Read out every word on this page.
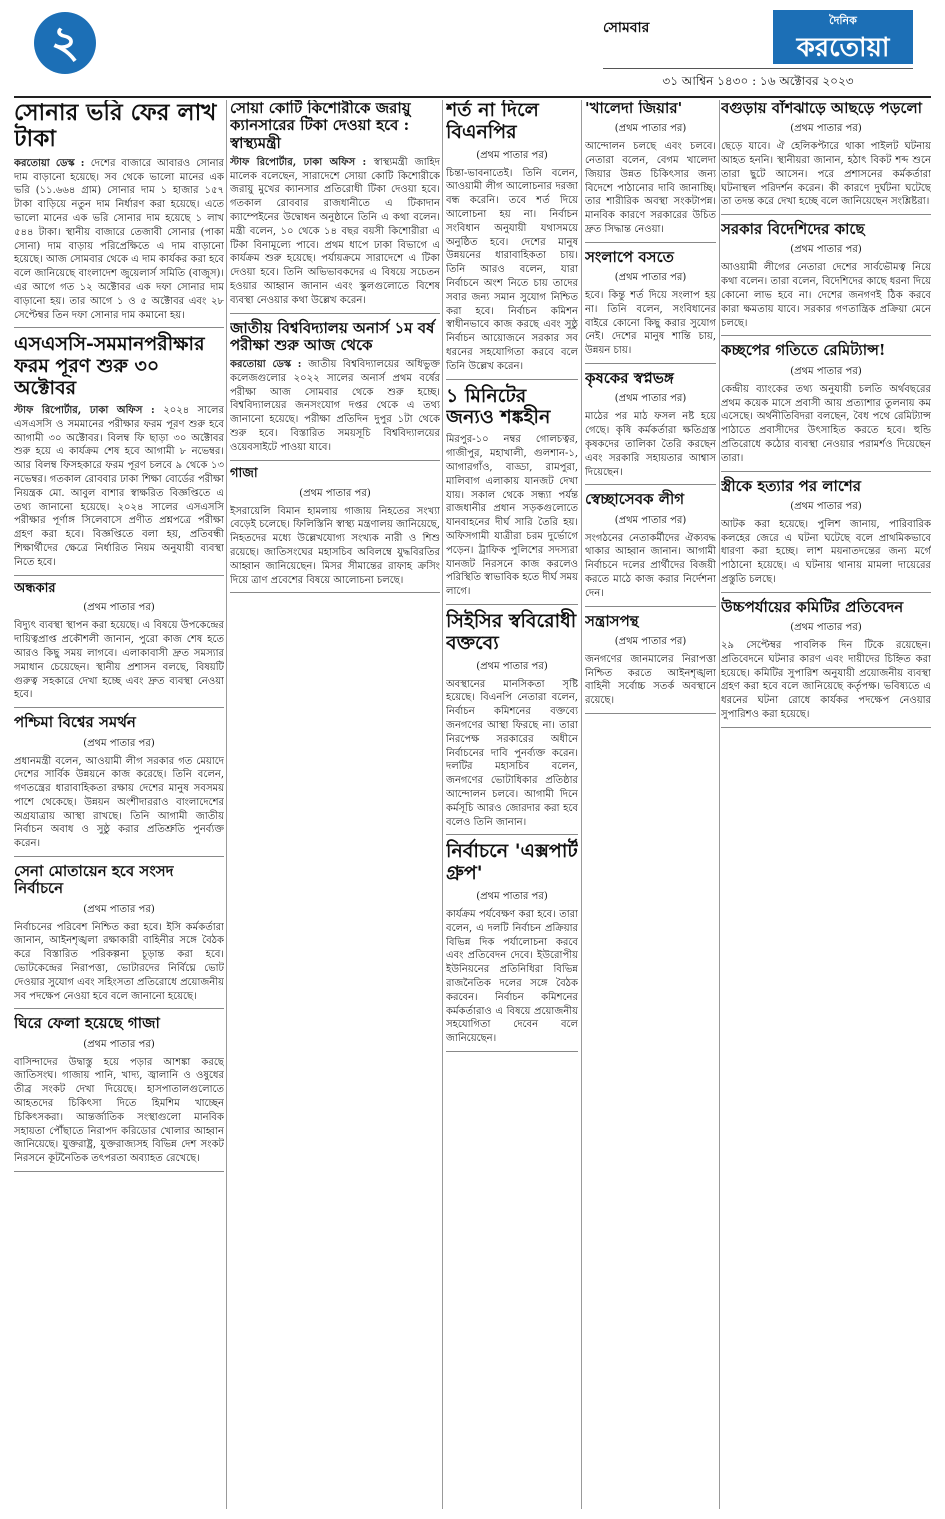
২	সোমবার	দৈনিক
করতোয়া
৩১ আশ্বিন ১৪৩০ : ১৬ অক্টোবর ২০২৩
সোনার ভরি ফের লাখ টাকা

করতোয়া ডেস্ক : দেশের বাজারে আবারও সোনার দাম বাড়ানো হয়েছে। সব থেকে ভালো মানের এক ভরি (১১.৬৬৪ গ্রাম) সোনার দাম ১ হাজার ১৫৭ টাকা বাড়িয়ে নতুন দাম নির্ধারণ করা হয়েছে। এতে ভালো মানের এক ভরি সোনার দাম হয়েছে ১ লাখ ৫৪৪ টাকা। স্থানীয় বাজারে তেজাবী সোনার (পাকা সোনা) দাম বাড়ায় পরিপ্রেক্ষিতে এ দাম বাড়ানো হয়েছে। আজ সোমবার থেকে এ দাম কার্যকর করা হবে বলে জানিয়েছে বাংলাদেশ জুয়েলার্স সমিতি (বাজুস)। এর আগে গত ১২ অক্টোবর এক দফা সোনার দাম বাড়ানো হয়। তার আগে ১ ও ৫ অক্টোবর এবং ২৮ সেপ্টেম্বর তিন দফা সোনার দাম কমানো হয়।

এসএসসি-সমমানপরীক্ষার ফরম পূরণ শুরু ৩০ অক্টোবর

স্টাফ রিপোর্টার, ঢাকা অফিস : ২০২৪ সালের এসএসসি ও সমমানের পরীক্ষার ফরম পূরণ শুরু হবে আগামী ৩০ অক্টোবর। বিলম্ব ফি ছাড়া ৩০ অক্টোবর শুরু হয়ে এ কার্যক্রম শেষ হবে আগামী ৮ নভেম্বর। আর বিলম্ব ফিসহকারে ফরম পূরণ চলবে ৯ থেকে ১৩ নভেম্বর। গতকাল রোববার ঢাকা শিক্ষা বোর্ডের পরীক্ষা নিয়ন্ত্রক মো. আবুল বাশার স্বাক্ষরিত বিজ্ঞপ্তিতে এ তথ্য জানানো হয়েছে। ২০২৪ সালের এসএসসি পরীক্ষার পূর্ণাঙ্গ সিলেবাসে প্রণীত প্রশ্নপত্রে পরীক্ষা গ্রহণ করা হবে। বিজ্ঞপ্তিতে বলা হয়, প্রতিবন্ধী শিক্ষার্থীদের ক্ষেত্রে নির্ধারিত নিয়ম অনুযায়ী ব্যবস্থা নিতে হবে।

অন্ধকার
(প্রথম পাতার পর)

বিদ্যুৎ ব্যবস্থা স্থাপন করা হয়েছে। এ বিষয়ে উপকেন্দ্রের দায়িত্বপ্রাপ্ত প্রকৌশলী জানান, পুরো কাজ শেষ হতে আরও কিছু সময় লাগবে। এলাকাবাসী দ্রুত সমস্যার সমাধান চেয়েছেন। স্থানীয় প্রশাসন বলছে, বিষয়টি গুরুত্ব সহকারে দেখা হচ্ছে এবং দ্রুত ব্যবস্থা নেওয়া হবে।

পশ্চিমা বিশ্বের সমর্থন
(প্রথম পাতার পর)

প্রধানমন্ত্রী বলেন, আওয়ামী লীগ সরকার গত মেয়াদে দেশের সার্বিক উন্নয়নে কাজ করেছে। তিনি বলেন, গণতন্ত্রের ধারাবাহিকতা রক্ষায় দেশের মানুষ সবসময় পাশে থেকেছে। উন্নয়ন অংশীদাররাও বাংলাদেশের অগ্রযাত্রায় আস্থা রাখছে। তিনি আগামী জাতীয় নির্বাচন অবাধ ও সুষ্ঠু করার প্রতিশ্রুতি পুনর্ব্যক্ত করেন।

সেনা মোতায়েন হবে সংসদ নির্বাচনে
(প্রথম পাতার পর)

নির্বাচনের পরিবেশ নিশ্চিত করা হবে। ইসি কর্মকর্তারা জানান, আইনশৃঙ্খলা রক্ষাকারী বাহিনীর সঙ্গে বৈঠক করে বিস্তারিত পরিকল্পনা চূড়ান্ত করা হবে। ভোটকেন্দ্রের নিরাপত্তা, ভোটারদের নির্বিঘ্নে ভোট দেওয়ার সুযোগ এবং সহিংসতা প্রতিরোধে প্রয়োজনীয় সব পদক্ষেপ নেওয়া হবে বলে জানানো হয়েছে।

ঘিরে ফেলা হয়েছে গাজা
(প্রথম পাতার পর)

বাসিন্দাদের উদ্বাস্তু হয়ে পড়ার আশঙ্কা করছে জাতিসংঘ। গাজায় পানি, খাদ্য, জ্বালানি ও ওষুধের তীব্র সংকট দেখা দিয়েছে। হাসপাতালগুলোতে আহতদের চিকিৎসা দিতে হিমশিম খাচ্ছেন চিকিৎসকরা। আন্তর্জাতিক সংস্থাগুলো মানবিক সহায়তা পৌঁছাতে নিরাপদ করিডোর খোলার আহ্বান জানিয়েছে। যুক্তরাষ্ট্র, যুক্তরাজ্যসহ বিভিন্ন দেশ সংকট নিরসনে কূটনৈতিক তৎপরতা অব্যাহত রেখেছে।

সোয়া কোটি কিশোরীকে জরায়ু ক্যানসারের টিকা দেওয়া হবে : স্বাস্থ্যমন্ত্রী

স্টাফ রিপোর্টার, ঢাকা অফিস : স্বাস্থ্যমন্ত্রী জাহিদ মালেক বলেছেন, সারাদেশে সোয়া কোটি কিশোরীকে জরায়ু মুখের ক্যানসার প্রতিরোধী টিকা দেওয়া হবে। গতকাল রোববার রাজধানীতে এ টিকাদান ক্যাম্পেইনের উদ্বোধন অনুষ্ঠানে তিনি এ কথা বলেন। মন্ত্রী বলেন, ১০ থেকে ১৪ বছর বয়সী কিশোরীরা এ টিকা বিনামূল্যে পাবে। প্রথম ধাপে ঢাকা বিভাগে এ কার্যক্রম শুরু হয়েছে। পর্যায়ক্রমে সারাদেশে এ টিকা দেওয়া হবে। তিনি অভিভাবকদের এ বিষয়ে সচেতন হওয়ার আহ্বান জানান এবং স্কুলগুলোতে বিশেষ ব্যবস্থা নেওয়ার কথা উল্লেখ করেন।

জাতীয় বিশ্ববিদ্যালয় অনার্স ১ম বর্ষ পরীক্ষা শুরু আজ থেকে

করতোয়া ডেস্ক : জাতীয় বিশ্ববিদ্যালয়ের অধিভুক্ত কলেজগুলোর ২০২২ সালের অনার্স প্রথম বর্ষের পরীক্ষা আজ সোমবার থেকে শুরু হচ্ছে। বিশ্ববিদ্যালয়ের জনসংযোগ দপ্তর থেকে এ তথ্য জানানো হয়েছে। পরীক্ষা প্রতিদিন দুপুর ১টা থেকে শুরু হবে। বিস্তারিত সময়সূচি বিশ্ববিদ্যালয়ের ওয়েবসাইটে পাওয়া যাবে।

গাজা
(প্রথম পাতার পর)

ইসরায়েলি বিমান হামলায় গাজায় নিহতের সংখ্যা বেড়েই চলেছে। ফিলিস্তিনি স্বাস্থ্য মন্ত্রণালয় জানিয়েছে, নিহতদের মধ্যে উল্লেখযোগ্য সংখ্যক নারী ও শিশু রয়েছে। জাতিসংঘের মহাসচিব অবিলম্বে যুদ্ধবিরতির আহ্বান জানিয়েছেন। মিসর সীমান্তের রাফাহ ক্রসিং দিয়ে ত্রাণ প্রবেশের বিষয়ে আলোচনা চলছে।

শর্ত না দিলে বিএনপির
(প্রথম পাতার পর)

চিন্তা-ভাবনাতেই। তিনি বলেন, আওয়ামী লীগ আলোচনার দরজা বন্ধ করেনি। তবে শর্ত দিয়ে আলোচনা হয় না। নির্বাচন সংবিধান অনুযায়ী যথাসময়ে অনুষ্ঠিত হবে। দেশের মানুষ উন্নয়নের ধারাবাহিকতা চায়। তিনি আরও বলেন, যারা নির্বাচনে অংশ নিতে চায় তাদের সবার জন্য সমান সুযোগ নিশ্চিত করা হবে। নির্বাচন কমিশন স্বাধীনভাবে কাজ করছে এবং সুষ্ঠু নির্বাচন আয়োজনে সরকার সব ধরনের সহযোগিতা করবে বলে তিনি উল্লেখ করেন।

১ মিনিটের জন্যও শঙ্কহীন

মিরপুর-১০ নম্বর গোলচত্বর, গাজীপুর, মহাখালী, গুলশান-১, আগারগাঁও, বাড্ডা, রামপুরা, মালিবাগ এলাকায় যানজট দেখা যায়। সকাল থেকে সন্ধ্যা পর্যন্ত রাজধানীর প্রধান সড়কগুলোতে যানবাহনের দীর্ঘ সারি তৈরি হয়। অফিসগামী যাত্রীরা চরম দুর্ভোগে পড়েন। ট্রাফিক পুলিশের সদস্যরা যানজট নিরসনে কাজ করলেও পরিস্থিতি স্বাভাবিক হতে দীর্ঘ সময় লাগে।

সিইসির স্ববিরোধী বক্তব্যে
(প্রথম পাতার পর)

অবস্থানের মানসিকতা সৃষ্টি হয়েছে। বিএনপি নেতারা বলেন, নির্বাচন কমিশনের বক্তব্যে জনগণের আস্থা ফিরছে না। তারা নিরপেক্ষ সরকারের অধীনে নির্বাচনের দাবি পুনর্ব্যক্ত করেন। দলটির মহাসচিব বলেন, জনগণের ভোটাধিকার প্রতিষ্ঠার আন্দোলন চলবে। আগামী দিনে কর্মসূচি আরও জোরদার করা হবে বলেও তিনি জানান।

নির্বাচনে 'এক্সপার্ট গ্রুপ'
(প্রথম পাতার পর)

কার্যক্রম পর্যবেক্ষণ করা হবে। তারা বলেন, এ দলটি নির্বাচন প্রক্রিয়ার বিভিন্ন দিক পর্যালোচনা করবে এবং প্রতিবেদন দেবে। ইউরোপীয় ইউনিয়নের প্রতিনিধিরা বিভিন্ন রাজনৈতিক দলের সঙ্গে বৈঠক করবেন। নির্বাচন কমিশনের কর্মকর্তারাও এ বিষয়ে প্রয়োজনীয় সহযোগিতা দেবেন বলে জানিয়েছেন।

'খালেদা জিয়ার'
(প্রথম পাতার পর)

আন্দোলন চলছে এবং চলবে। নেতারা বলেন, বেগম খালেদা জিয়ার উন্নত চিকিৎসার জন্য বিদেশে পাঠানোর দাবি জানাচ্ছি। তার শারীরিক অবস্থা সংকটাপন্ন। মানবিক কারণে সরকারের উচিত দ্রুত সিদ্ধান্ত নেওয়া।

সংলাপে বসতে
(প্রথম পাতার পর)

হবে। কিন্তু শর্ত দিয়ে সংলাপ হয় না। তিনি বলেন, সংবিধানের বাইরে কোনো কিছু করার সুযোগ নেই। দেশের মানুষ শান্তি চায়, উন্নয়ন চায়।

কৃষকের স্বপ্নভঙ্গ
(প্রথম পাতার পর)

মাঠের পর মাঠ ফসল নষ্ট হয়ে গেছে। কৃষি কর্মকর্তারা ক্ষতিগ্রস্ত কৃষকদের তালিকা তৈরি করছেন এবং সরকারি সহায়তার আশ্বাস দিয়েছেন।

স্বেচ্ছাসেবক লীগ
(প্রথম পাতার পর)

সংগঠনের নেতাকর্মীদের ঐক্যবদ্ধ থাকার আহ্বান জানান। আগামী নির্বাচনে দলের প্রার্থীদের বিজয়ী করতে মাঠে কাজ করার নির্দেশনা দেন।

সন্ত্রাসপন্থ
(প্রথম পাতার পর)

জনগণের জানমালের নিরাপত্তা নিশ্চিত করতে আইনশৃঙ্খলা বাহিনী সর্বোচ্চ সতর্ক অবস্থানে রয়েছে।

বগুড়ায় বাঁশঝাড়ে আছড়ে পড়লো
(প্রথম পাতার পর)

ছেড়ে যাবে। ঐ হেলিকপ্টারে থাকা পাইলট ঘটনায় আহত হননি। স্থানীয়রা জানান, হঠাৎ বিকট শব্দ শুনে তারা ছুটে আসেন। পরে প্রশাসনের কর্মকর্তারা ঘটনাস্থল পরিদর্শন করেন। কী কারণে দুর্ঘটনা ঘটেছে তা তদন্ত করে দেখা হচ্ছে বলে জানিয়েছেন সংশ্লিষ্টরা।

সরকার বিদেশিদের কাছে
(প্রথম পাতার পর)

আওয়ামী লীগের নেতারা দেশের সার্বভৌমত্ব নিয়ে কথা বলেন। তারা বলেন, বিদেশিদের কাছে ধরনা দিয়ে কোনো লাভ হবে না। দেশের জনগণই ঠিক করবে কারা ক্ষমতায় যাবে। সরকার গণতান্ত্রিক প্রক্রিয়া মেনে চলছে।

কচ্ছপের গতিতে রেমিট্যান্স!
(প্রথম পাতার পর)

কেন্দ্রীয় ব্যাংকের তথ্য অনুযায়ী চলতি অর্থবছরের প্রথম কয়েক মাসে প্রবাসী আয় প্রত্যাশার তুলনায় কম এসেছে। অর্থনীতিবিদরা বলছেন, বৈধ পথে রেমিট্যান্স পাঠাতে প্রবাসীদের উৎসাহিত করতে হবে। হুন্ডি প্রতিরোধে কঠোর ব্যবস্থা নেওয়ার পরামর্শও দিয়েছেন তারা।

স্ত্রীকে হত্যার পর লাশের
(প্রথম পাতার পর)

আটক করা হয়েছে। পুলিশ জানায়, পারিবারিক কলহের জেরে এ ঘটনা ঘটেছে বলে প্রাথমিকভাবে ধারণা করা হচ্ছে। লাশ ময়নাতদন্তের জন্য মর্গে পাঠানো হয়েছে। এ ঘটনায় থানায় মামলা দায়েরের প্রস্তুতি চলছে।

উচ্চপর্যায়ের কমিটির প্রতিবেদন
(প্রথম পাতার পর)

২৯ সেপ্টেম্বর পাবলিক দিন টিকে রয়েছেন। প্রতিবেদনে ঘটনার কারণ এবং দায়ীদের চিহ্নিত করা হয়েছে। কমিটির সুপারিশ অনুযায়ী প্রয়োজনীয় ব্যবস্থা গ্রহণ করা হবে বলে জানিয়েছে কর্তৃপক্ষ। ভবিষ্যতে এ ধরনের ঘটনা রোধে কার্যকর পদক্ষেপ নেওয়ার সুপারিশও করা হয়েছে।
